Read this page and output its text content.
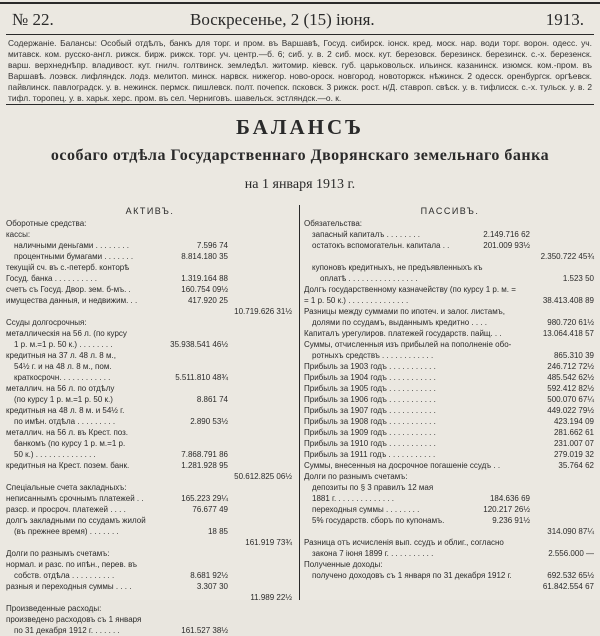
№ 22.	Воскресенье, 2 (15) іюня.	1913.
Содержаніе. Балансы: Особый отдѣлъ, банкъ для торг. и пром. въ Варшавѣ, Госуд. сибирск. іонск. кред. моск. нар. води торг. ворон. одесс. уч. митавск. ком. русско-англ. рижск. бирж. рижск. торг. уч. центр.—б. 6; сиб. у. в. 2 сиб. моск. кут. березовск. березинск. березинск. с.-х. березенск. варш. верхнеднѣпр. владивост. кут. гнилч. голтвинск. земледѣл. житомир. кіевск. губ. царьковольск. ильинск. казанинск. изюмск. ком.-пром. въ Варшавѣ. лоэвск. лифляндск. лодз. мелитоп. минск. нарвск. нижегор. ново-ороск. новгород. новоторжск. нѣжинск. 2 одесск. оренбургск. оргѣевск. пайвлинск. павлоградск. у. в. нежинск. пермск. пишлевск. полт. почепск. псковск. 3 рижск. рост. н/Д. ставроп. свѣск. у. в. тифлисск. с.-х. тульск. у. в. 2 тифл. торопец. у. в. харьк. херс. пром. въ сел. Черниговъ. шавельск. эстляндск.—о. к.
БАЛАНСЪ
особаго отдѣла Государственнаго Дворянскаго земельнаго банка
на 1 января 1913 г.
АКТИВЪ.
Оборотные средства:
кассы:
наличными деньгами . . . . . . . .	7.596 74
процентными бумагами . . . . . . .	8.814.180 35
текущій сч. въ с.-петерб. конторѣ
Госуд. банка . . . . . . . . . .	1.319.164 88
счетъ съ Госуд. Двор. зем. б-мъ. .	160.754 09½
имущества данныя, и недвижим. . .	417.920 25
10.719.626 31½
Ссуды долгосрочныя:
металлическія на 56 л. (по курсу
1 р. м.=1 р. 50 к.) . . . . . . . .	35.938.541 46½
кредитныя на 37 л. 48 л. 8 м.,
54½ г. и на 48 л. 8 м., пом.
краткосрочн. . . . . . . . . . . .	5.511.810 48¾
металлич. на 56 л. по отдѣлу
(по курсу 1 р. м.=1 р. 50 к.)	8.861 74
кредитныя на 48 л. 8 м. и 54½ г.
по имѣн. отдѣла . . . . . . . . .	2.890 53½
металлич. на 56 л. въ Крест. поз.
банкомъ (по курсу 1 р. м.=1 р.
50 к.) . . . . . . . . . . . . . .	7.868.791 86
кредитныя на Крест. позем. банк.	1.281.928 95
50.612.825 06½
Спеціальные счета закладныхъ:
неписаннымъ срочнымъ платежей . .	165.223 29¼
разср. и просроч. платежей . . . .	76.677 49
долгъ закладными по ссудамъ жилой
(въ прежнее время) . . . . . . .	18 85
161.919 73¾
Долги по разнымъ счетамъ:
нормал. и разс. по ипѣн., перев. въ
собств. отдѣла . . . . . . . . . .	8.681 92½
разныя и переходныя суммы . . . .	3.307 30
11.989 22½
Произведенные расходы:
произведено расходовъ съ 1 января
по 31 декабря 1912 г. . . . . . .	161.527 38½
ПАССИВЪ.
Обязательства:
запасный капиталъ . . . . . . . .	2.149.716 62
остатокъ вспомогательн. капитала . .	201.009 93½
2.350.722 45¾
купоновъ кредитныхъ, не предъявленныхъ къ
оплатѣ . . . . . . . . . . . . . . . .	1.523 50
Долгъ государственному казначейству (по курсу 1 р. м. =
= 1 р. 50 к.) . . . . . . . . . . . . . .	38.413.408 89
Разницы между суммами по ипотеч. и залог. листамъ,
долями по ссудамъ, выданнымъ кредитно . . . .	980.720 61½
Капиталъ урегулиров. платежей государств. пайщ. . .	13.064.418 57
Суммы, отчисленныя изъ прибылей на пополненіе обо-
ротныхъ средствъ . . . . . . . . . . . .	865.310 39
Прибыль за 1903 годъ . . . . . . . . . . .	246.712 72½
Прибыль за 1904 годъ . . . . . . . . . . .	485.542 62½
Прибыль за 1905 годъ . . . . . . . . . . .	592.412 82½
Прибыль за 1906 годъ . . . . . . . . . . .	500.070 67¼
Прибыль за 1907 годъ . . . . . . . . . . .	449.022 79½
Прибыль за 1908 годъ . . . . . . . . . . .	423.194 09
Прибыль за 1909 годъ . . . . . . . . . . .	281.662 61
Прибыль за 1910 годъ . . . . . . . . . . .	231.007 07
Прибыль за 1911 годъ . . . . . . . . . . .	279.019 32
Суммы, внесенныя на досрочное погашеніе ссудъ . .	35.764 62
Долги по разнымъ счетамъ:
депозиты по § 3 правилъ 12 мая
1881 г. . . . . . . . . . . . . .	184.636 69
переходныя суммы . . . . . . . .	120.217 26½
5% государств. сборъ по купонамъ.	9.236 91½
314.090 87¼
Разница отъ исчисленія вып. ссудъ и облиг., согласно
закона 7 іюня 1899 г. . . . . . . . . . .	2.556.000 —
Полученные доходы:
получено доходовъ съ 1 января по 31 декабря 1912 г.	692.532 65½
61.842.554 67
